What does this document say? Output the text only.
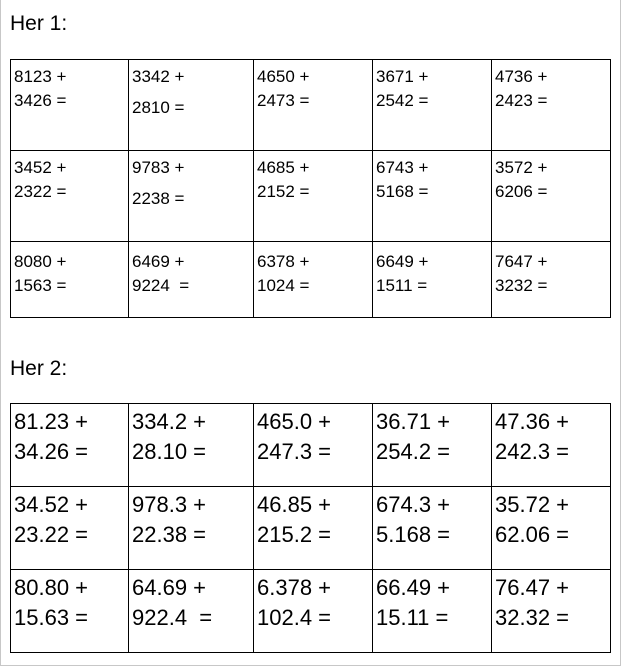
Her 1:
8123 +
3426 =	3342 +
2810 =	4650 +
2473 =	3671 +
2542 =	4736 +
2423 =

3452 +
2322 =	9783 +
2238 =	4685 +
2152 =	6743 +
5168 =	3572 +
6206 =

8080 +
1563 =	6469 +
9224  =	6378 +
1024 =	6649 +
1511 =	7647 +
3232 =
Her 2:
81.23 +
34.26 =	334.2 +
28.10 =	465.0 +
247.3 =	36.71 +
254.2 =	47.36 +
242.3 =

34.52 +
23.22 =	978.3 +
22.38 =	46.85 +
215.2 =	674.3 +
5.168 =	35.72 +
62.06 =

80.80 +
15.63 =	64.69 +
922.4  =	6.378 +
102.4 =	66.49 +
15.11 =	76.47 +
32.32 =
